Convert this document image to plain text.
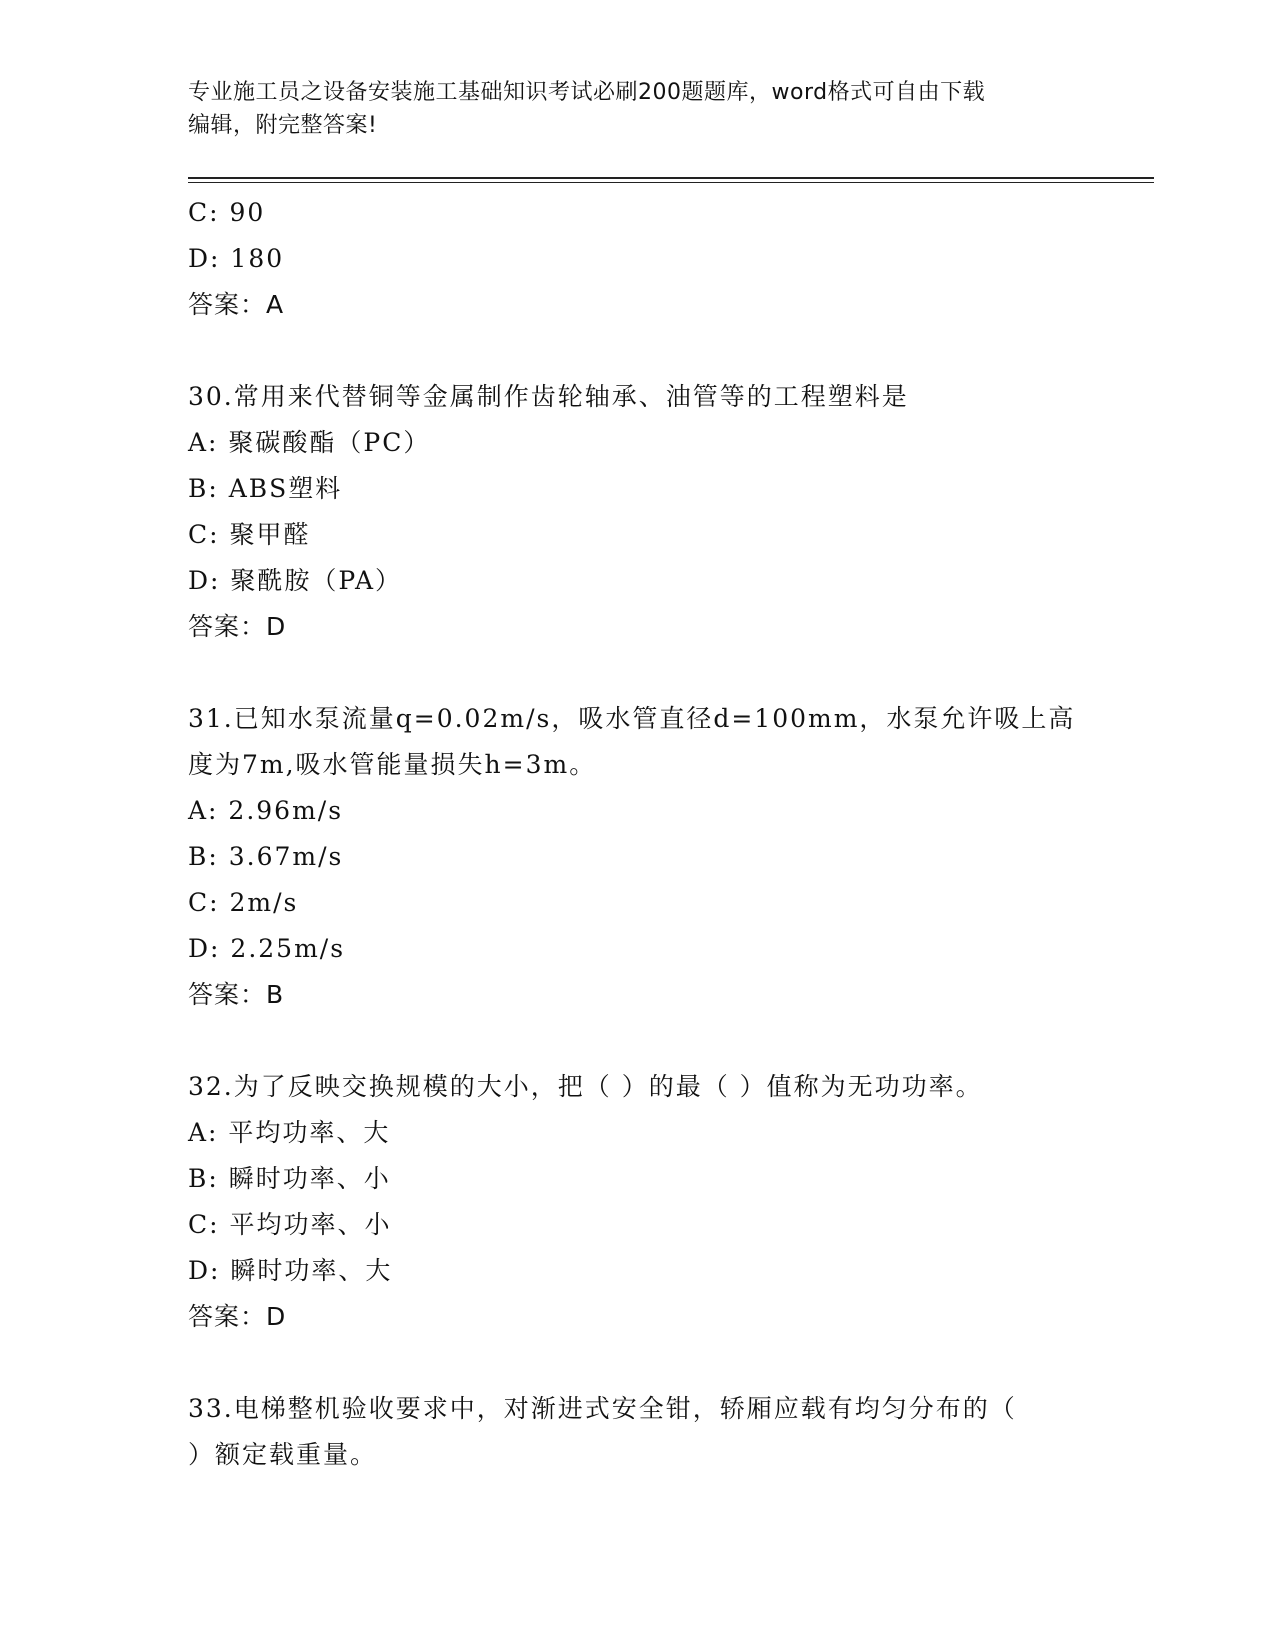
专业施工员之设备安装施工基础知识考试必刷200题题库，word格式可自由下载
编辑，附完整答案!
C: 90
D: 180
答案：A
30.常用来代替铜等金属制作齿轮轴承、油管等的工程塑料是
A: 聚碳酸酯（PC）
B: ABS塑料
C: 聚甲醛
D: 聚酰胺（PA）
答案：D
31.已知水泵流量q=0.02m/s，吸水管直径d=100mm，水泵允许吸上高
度为7m,吸水管能量损失h=3m。
A: 2.96m/s
B: 3.67m/s
C: 2m/s
D: 2.25m/s
答案：B
32.为了反映交换规模的大小，把（ ）的最（ ）值称为无功功率。
A: 平均功率、大
B: 瞬时功率、小
C: 平均功率、小
D: 瞬时功率、大
答案：D
33.电梯整机验收要求中，对渐进式安全钳，轿厢应载有均匀分布的（
）额定载重量。
